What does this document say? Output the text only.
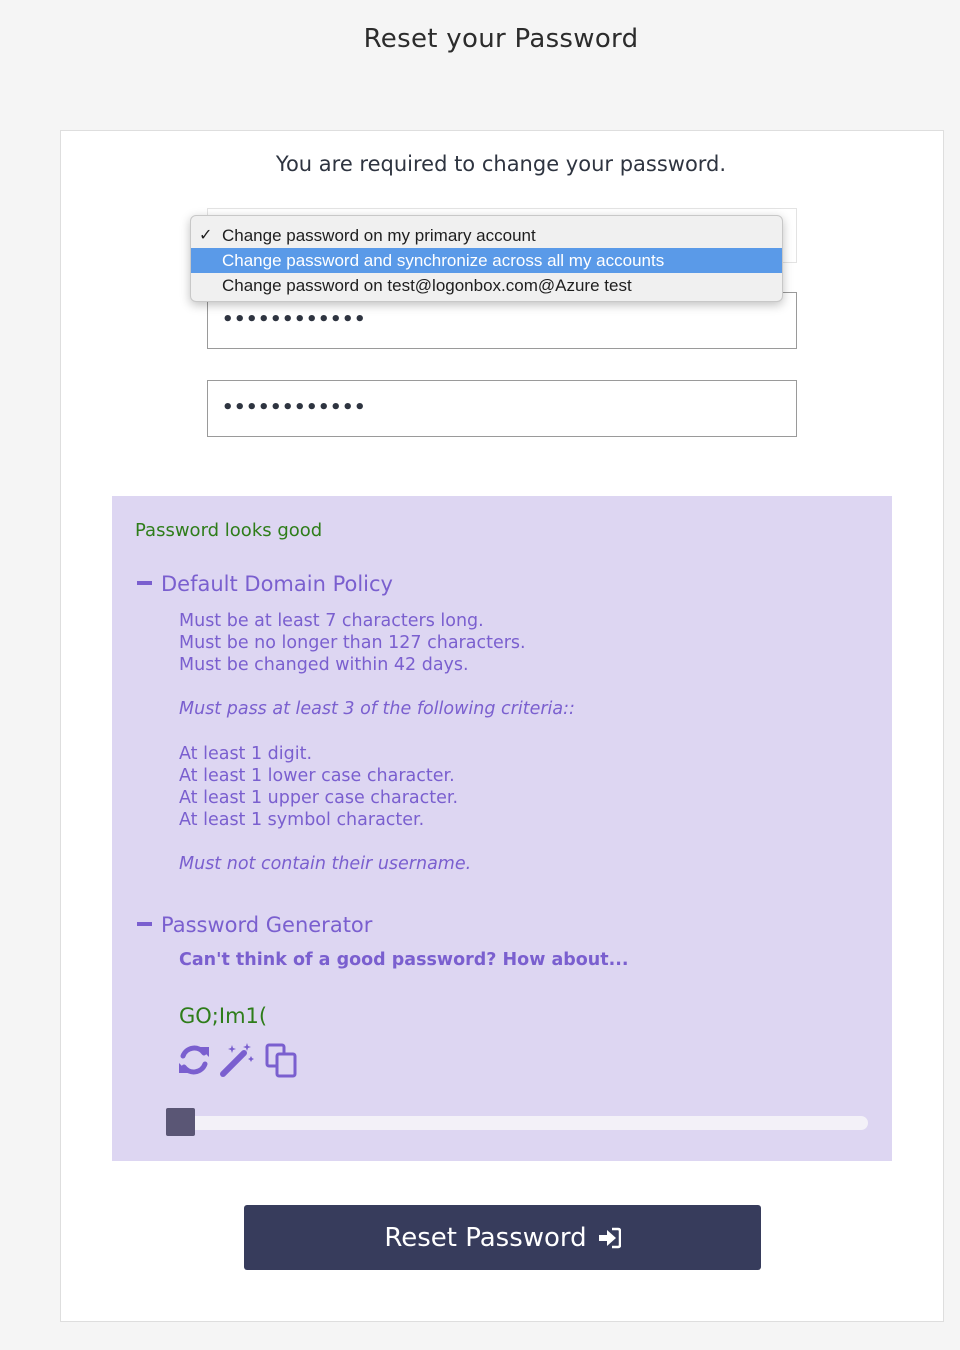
Reset your Password
You are required to change your password.
✓ Change password on my primary account
Change password and synchronize across all my accounts
Change password on test@logonbox.com@Azure test
••••••••••••
••••••••••••
Password looks good
Default Domain Policy
Must be at least 7 characters long.
Must be no longer than 127 characters.
Must be changed within 42 days.
Must pass at least 3 of the following criteria::
At least 1 digit.
At least 1 lower case character.
At least 1 upper case character.
At least 1 symbol character.
Must not contain their username.
Password Generator
Can't think of a good password? How about...
GO;Im1(
Reset Password
